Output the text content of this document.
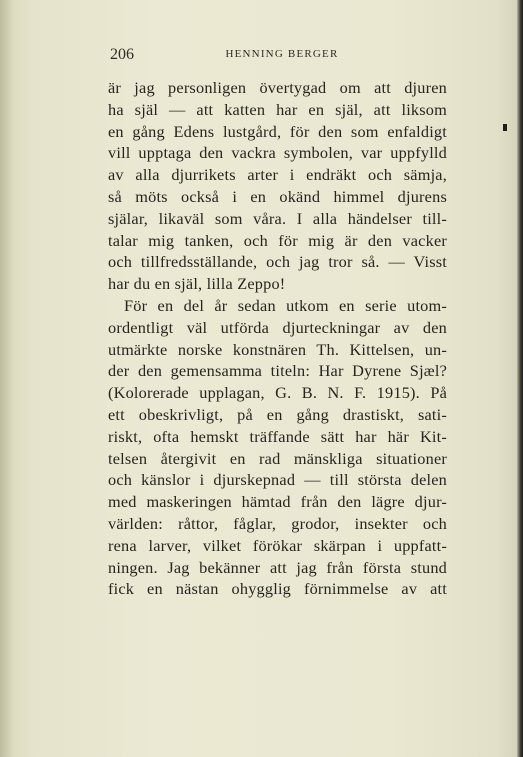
206	HENNING BERGER
är jag personligen övertygad om att djuren
ha själ — att katten har en själ, att liksom
en gång Edens lustgård, för den som enfaldigt
vill upptaga den vackra symbolen, var uppfylld
av alla djurrikets arter i endräkt och sämja,
så möts också i en okänd himmel djurens
själar, likaväl som våra. I alla händelser till-
talar mig tanken, och för mig är den vacker
och tillfredsställande, och jag tror så. — Visst
har du en själ, lilla Zeppo!
För en del år sedan utkom en serie utom-
ordentligt väl utförda djurteckningar av den
utmärkte norske konstnären Th. Kittelsen, un-
der den gemensamma titeln: Har Dyrene Sjæl?
(Kolorerade upplagan, G. B. N. F. 1915). På
ett obeskrivligt, på en gång drastiskt, sati-
riskt, ofta hemskt träffande sätt har här Kit-
telsen återgivit en rad mänskliga situationer
och känslor i djurskepnad — till största delen
med maskeringen hämtad från den lägre djur-
världen: råttor, fåglar, grodor, insekter och
rena larver, vilket förökar skärpan i uppfatt-
ningen. Jag bekänner att jag från första stund
fick en nästan ohygglig förnimmelse av att
